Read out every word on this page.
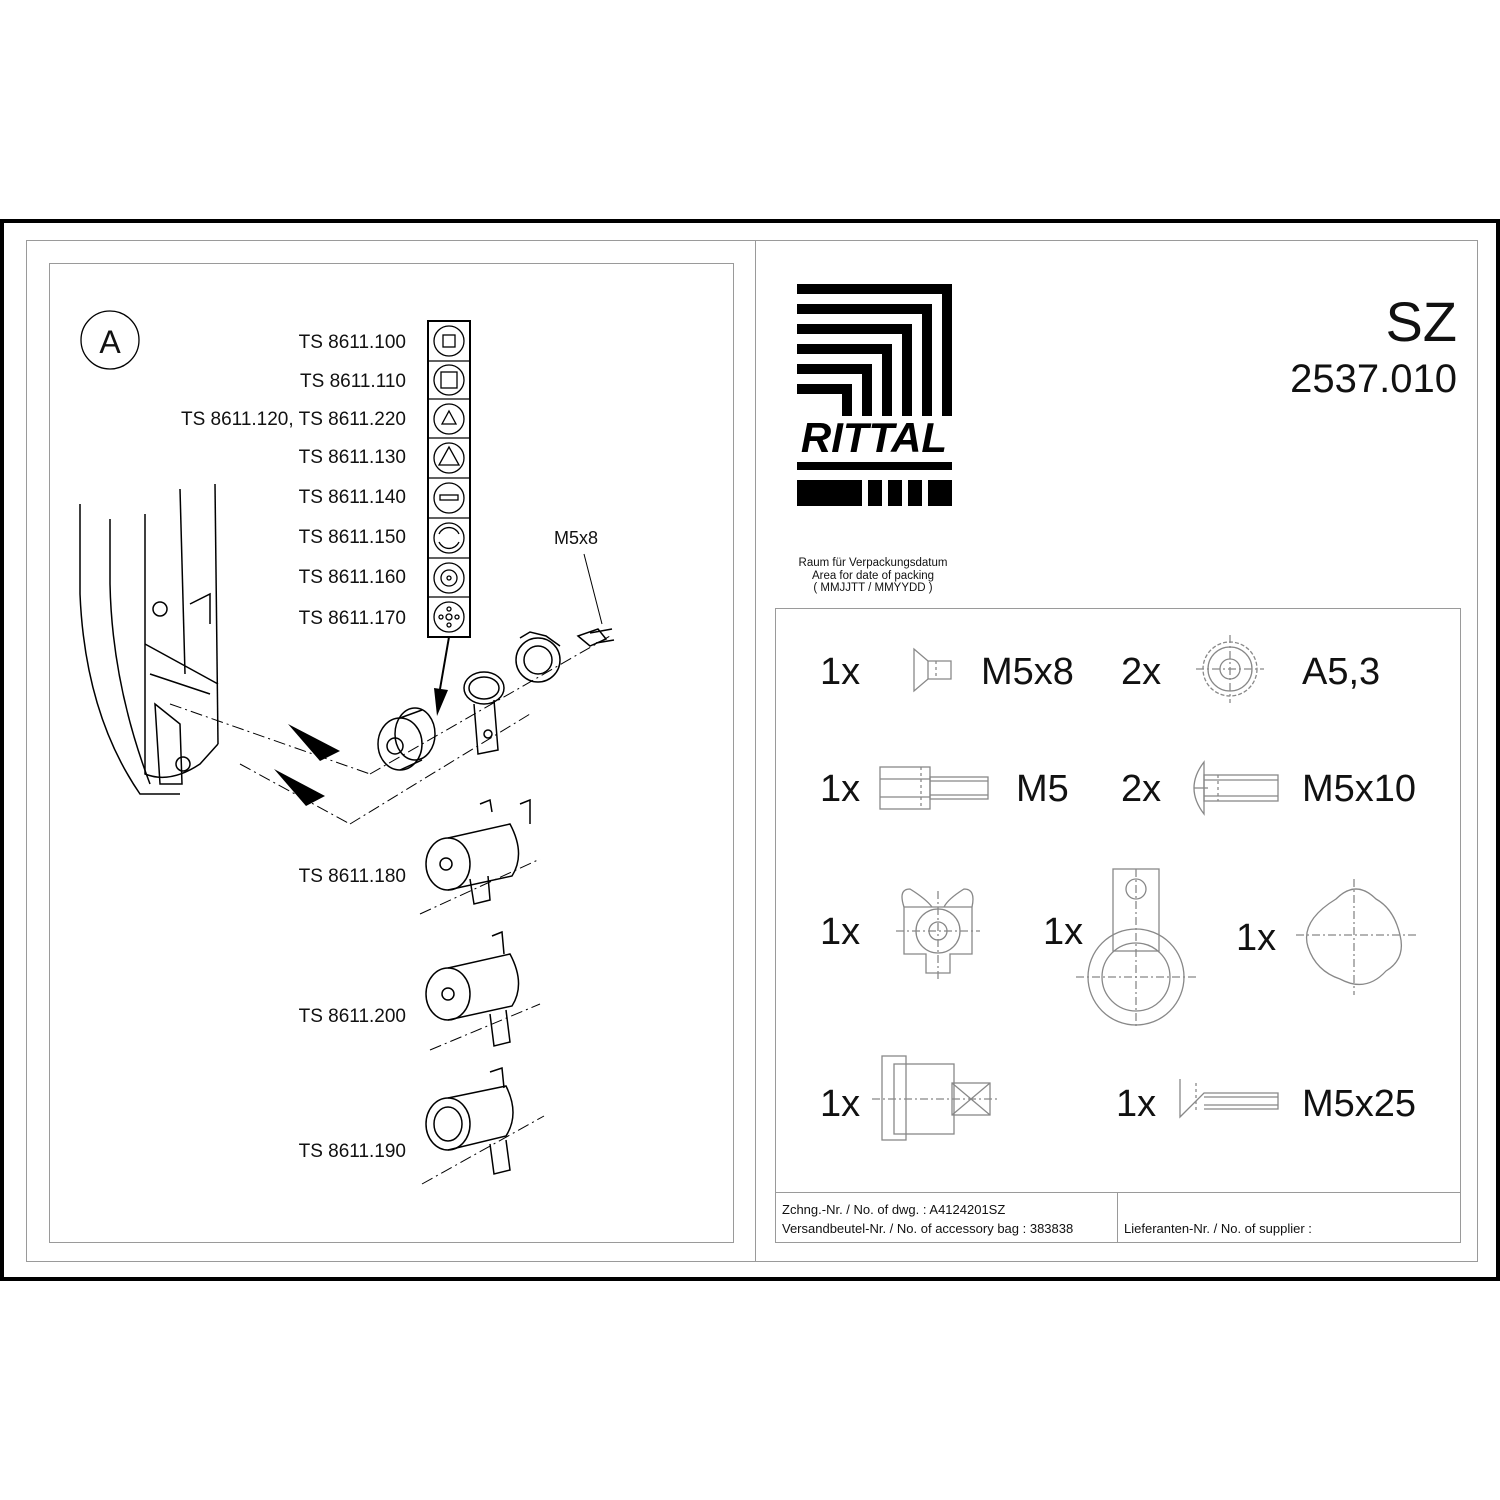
A	TS 8611.100
TS 8611.110
TS 8611.120, TS 8611.220
TS 8611.130
TS 8611.140
TS 8611.150
TS 8611.160
TS 8611.170
M5x8
TS 8611.180
TS 8611.200
TS 8611.190
RITTAL
SZ
2537.010
Raum für Verpackungsdatum
Area for date of packing
( MMJJTT / MMYYDD )
1x	M5x8 2x	A5,3
1x	M5 2x	M5x10
1x	1x	1x
1x	1x	M5x25
Zchng.-Nr. / No. of dwg. : A4124201SZ
Versandbeutel-Nr. / No. of accessory bag : 383838	Lieferanten-Nr. / No. of supplier :
